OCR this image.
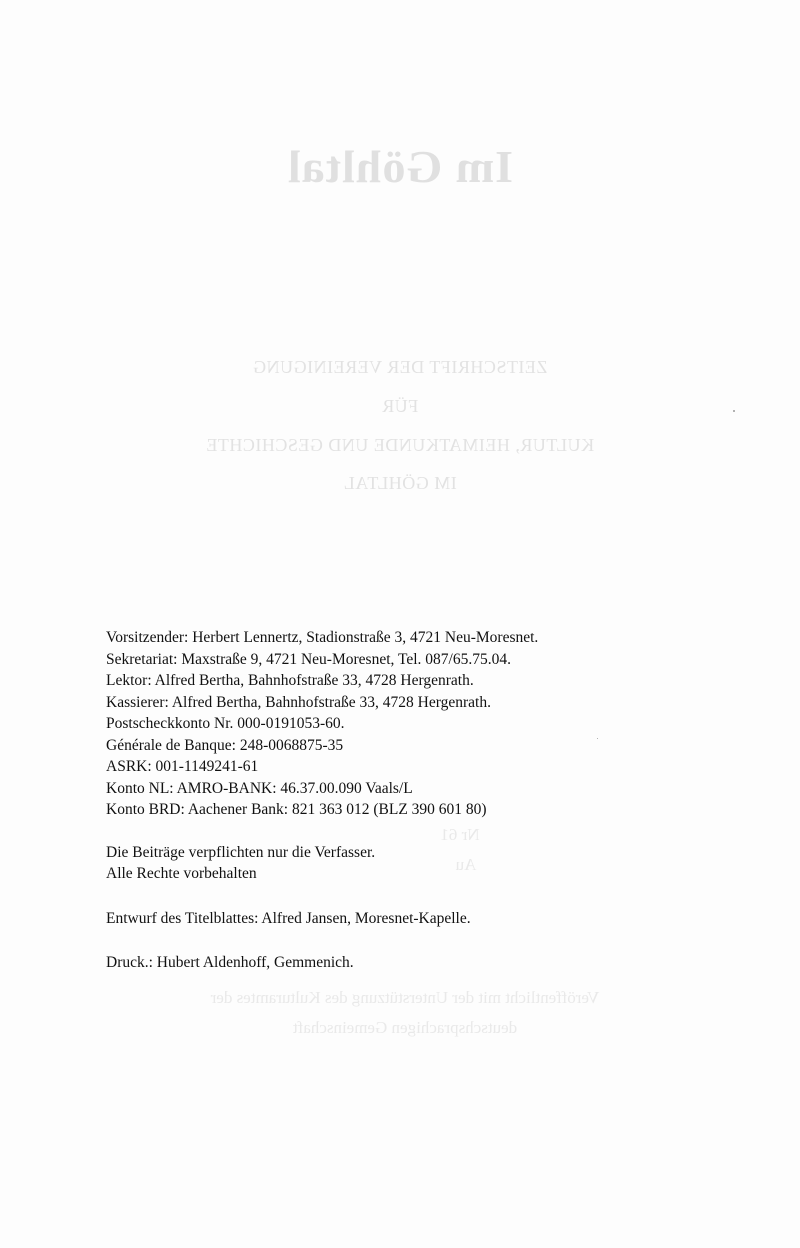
Im Göhltal
ZEITSCHRIFT DER VEREINIGUNG
FÜR
KULTUR, HEIMATKUNDE UND GESCHICHTE
IM GÖHLTAL
Nr 61
Au
Veröffentlicht mit der Unterstützung des Kulturamtes der
deutschsprachigen Gemeinschaft
Vorsitzender: Herbert Lennertz, Stadionstraße 3, 4721 Neu-Moresnet.
Sekretariat: Maxstraße 9, 4721 Neu-Moresnet, Tel. 087/65.75.04.
Lektor: Alfred Bertha, Bahnhofstraße 33, 4728 Hergenrath.
Kassierer: Alfred Bertha, Bahnhofstraße 33, 4728 Hergenrath.
Postscheckkonto Nr. 000-0191053-60.
Générale de Banque: 248-0068875-35
ASRK: 001-1149241-61
Konto NL: AMRO-BANK: 46.37.00.090 Vaals/L
Konto BRD: Aachener Bank: 821 363 012 (BLZ 390 601 80)
Die Beiträge verpflichten nur die Verfasser.
Alle Rechte vorbehalten
Entwurf des Titelblattes: Alfred Jansen, Moresnet-Kapelle.
Druck.: Hubert Aldenhoff, Gemmenich.
